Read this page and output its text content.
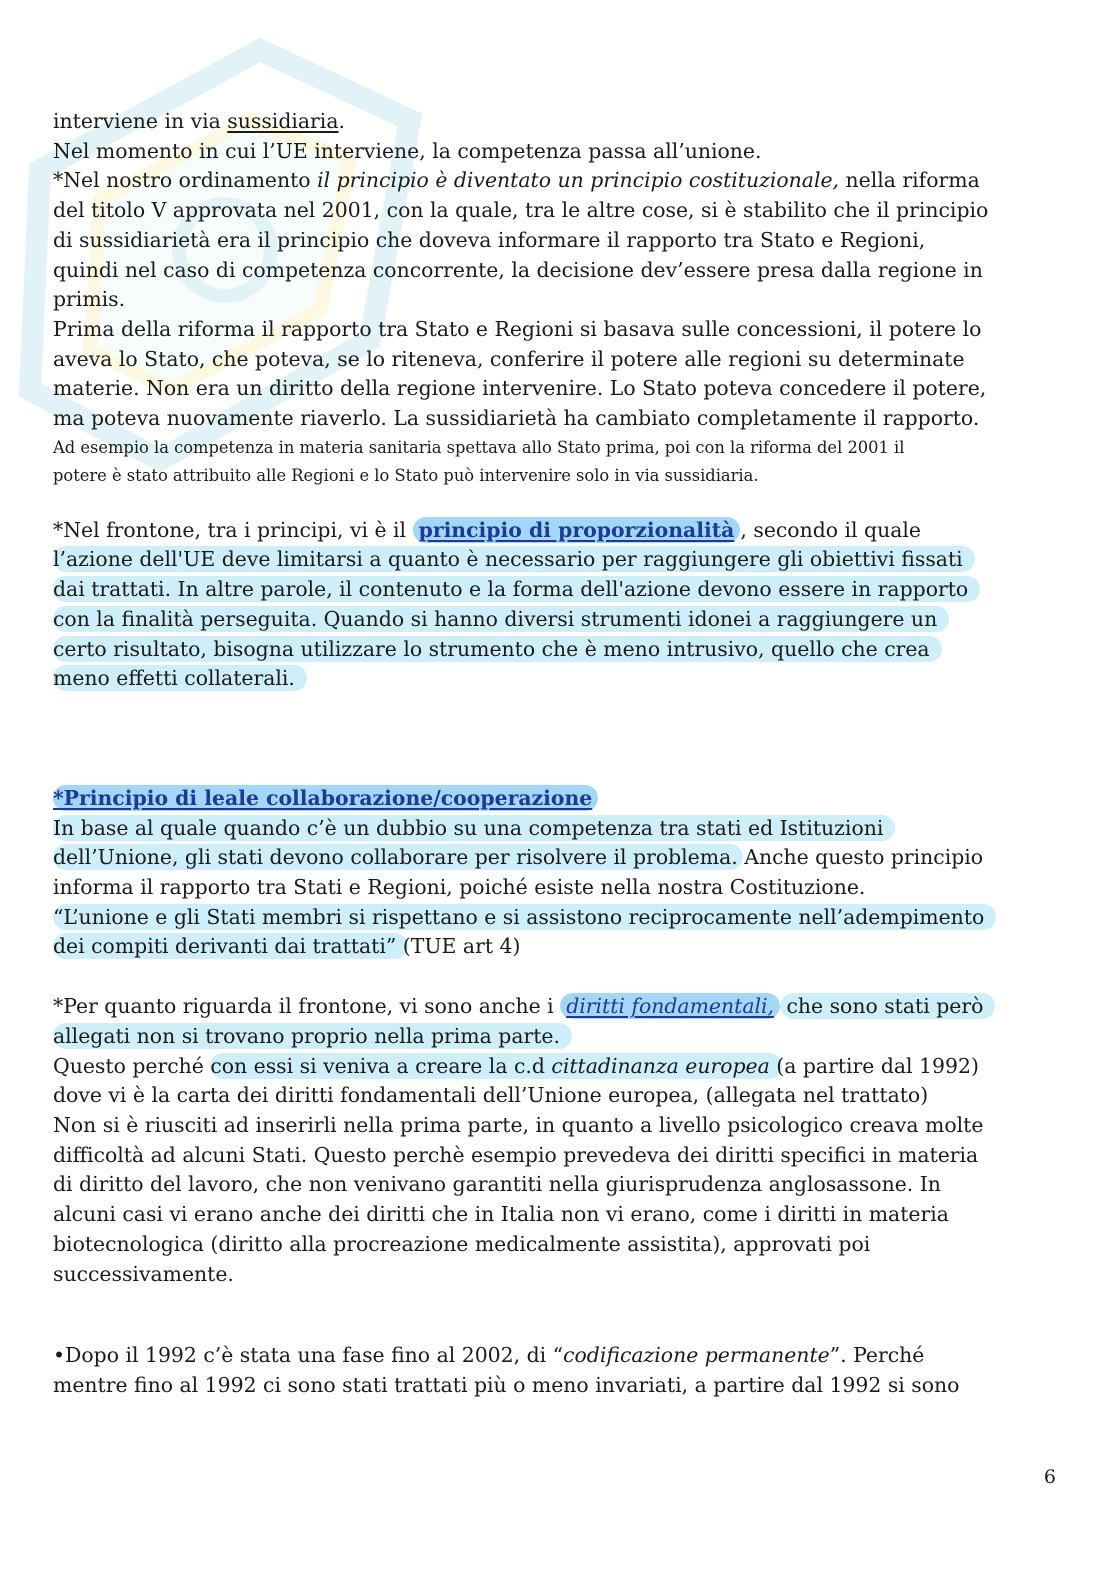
interviene in via sussidiaria.
Nel momento in cui l’UE interviene, la competenza passa all’unione.
*Nel nostro ordinamento il principio è diventato un principio costituzionale, nella riforma
del titolo V approvata nel 2001, con la quale, tra le altre cose, si è stabilito che il principio
di sussidiarietà era il principio che doveva informare il rapporto tra Stato e Regioni,
quindi nel caso di competenza concorrente, la decisione dev’essere presa dalla regione in
primis.
Prima della riforma il rapporto tra Stato e Regioni si basava sulle concessioni, il potere lo
aveva lo Stato, che poteva, se lo riteneva, conferire il potere alle regioni su determinate
materie. Non era un diritto della regione intervenire. Lo Stato poteva concedere il potere,
ma poteva nuovamente riaverlo. La sussidiarietà ha cambiato completamente il rapporto.
Ad esempio la competenza in materia sanitaria spettava allo Stato prima, poi con la riforma del 2001 il
potere è stato attribuito alle Regioni e lo Stato può intervenire solo in via sussidiaria.
*Nel frontone, tra i principi, vi è il principio di proporzionalità , secondo il quale
l’azione dell'UE deve limitarsi a quanto è necessario per raggiungere gli obiettivi fissati
dai trattati. In altre parole, il contenuto e la forma dell'azione devono essere in rapporto
con la finalità perseguita. Quando si hanno diversi strumenti idonei a raggiungere un
certo risultato, bisogna utilizzare lo strumento che è meno intrusivo, quello che crea
meno effetti collaterali.
*Principio di leale collaborazione/cooperazione
In base al quale quando c’è un dubbio su una competenza tra stati ed Istituzioni
dell’Unione, gli stati devono collaborare per risolvere il problema. Anche questo principio
informa il rapporto tra Stati e Regioni, poiché esiste nella nostra Costituzione.
“L’unione e gli Stati membri si rispettano e si assistono reciprocamente nell’adempimento
dei compiti derivanti dai trattati” (TUE art 4)
*Per quanto riguarda il frontone, vi sono anche i diritti fondamentali, che sono stati però
allegati non si trovano proprio nella prima parte.
Questo perché con essi si veniva a creare la c.d cittadinanza europea (a partire dal 1992)
dove vi è la carta dei diritti fondamentali dell’Unione europea, (allegata nel trattato)
Non si è riusciti ad inserirli nella prima parte, in quanto a livello psicologico creava molte
difficoltà ad alcuni Stati. Questo perchè esempio prevedeva dei diritti specifici in materia
di diritto del lavoro, che non venivano garantiti nella giurisprudenza anglosassone. In
alcuni casi vi erano anche dei diritti che in Italia non vi erano, come i diritti in materia
biotecnologica (diritto alla procreazione medicalmente assistita), approvati poi
successivamente.
•Dopo il 1992 c’è stata una fase fino al 2002, di “codificazione permanente”. Perché
mentre fino al 1992 ci sono stati trattati più o meno invariati, a partire dal 1992 si sono
6
